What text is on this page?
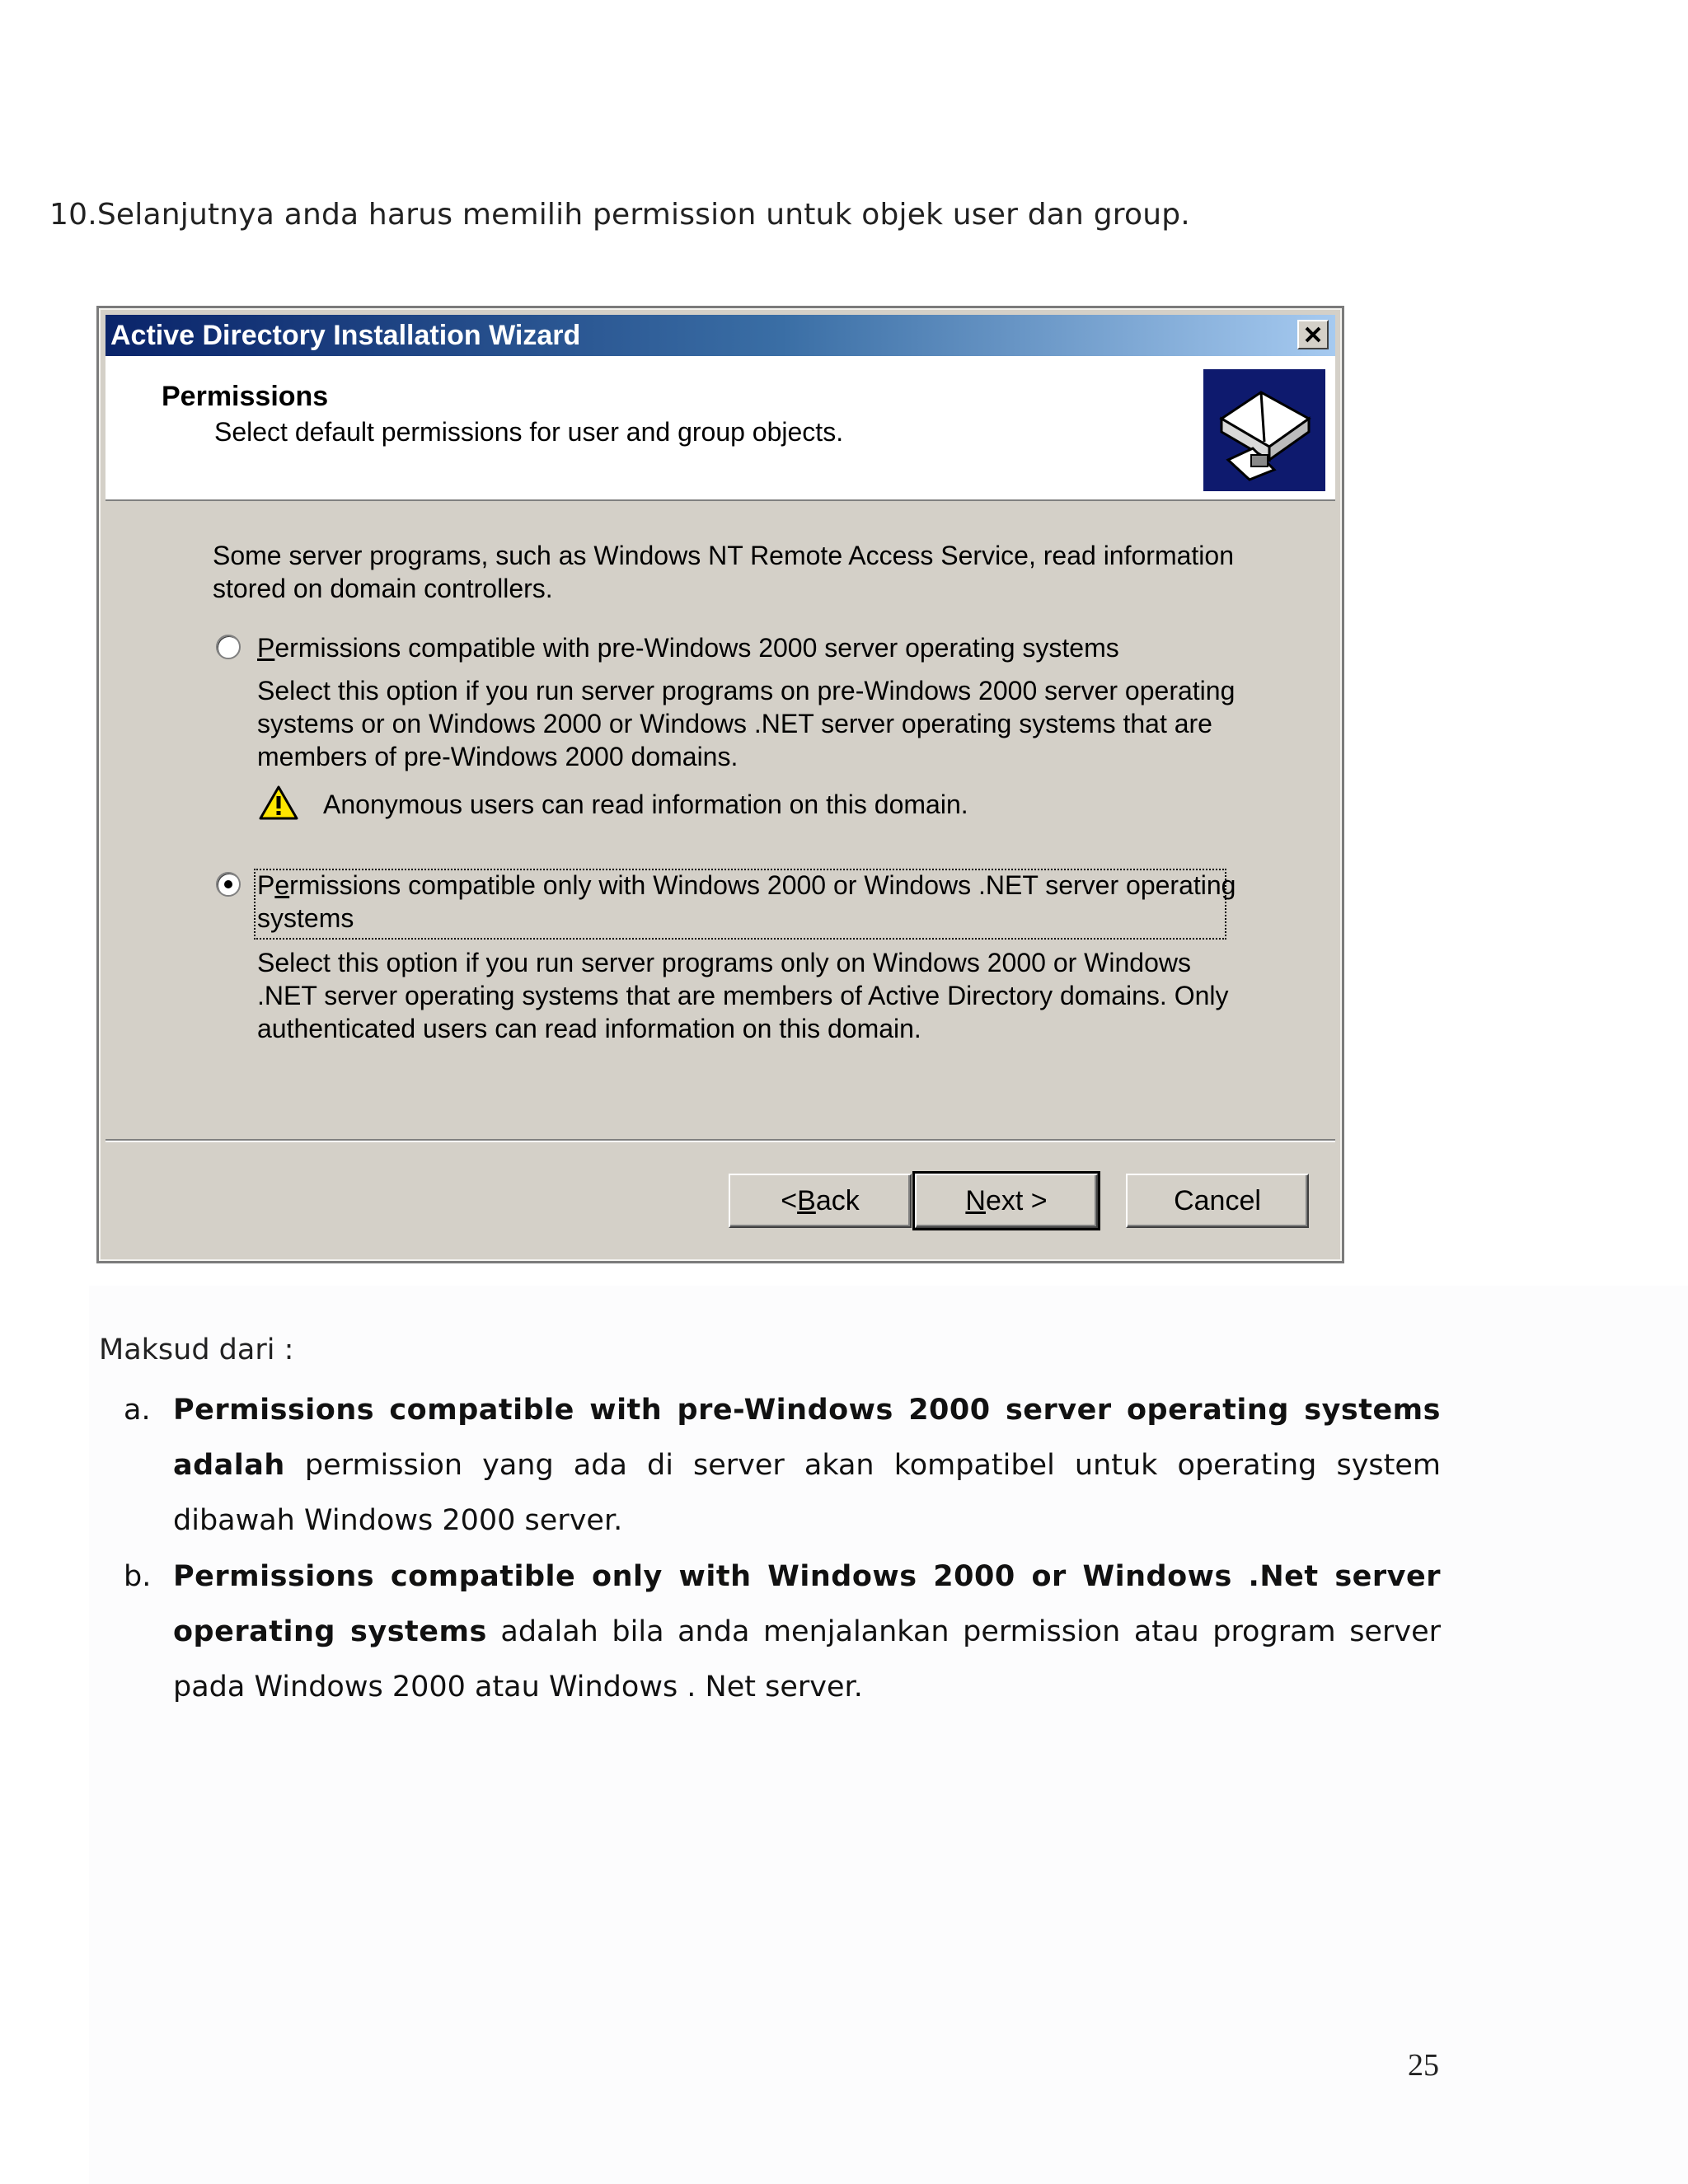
10.Selanjutnya anda harus memilih permission untuk objek user dan group.
Active Directory Installation Wizard
Permissions
Select default permissions for user and group objects.
Some server programs, such as Windows NT Remote Access Service, read information
stored on domain controllers.
Permissions compatible with pre-Windows 2000 server operating systems
Select this option if you run server programs on pre-Windows 2000 server operating
systems or on Windows 2000 or Windows .NET server operating systems that are
members of pre-Windows 2000 domains.
Anonymous users can read information on this domain.
Permissions compatible only with Windows 2000 or Windows .NET server operating
systems
Select this option if you run server programs only on Windows 2000 or Windows
.NET server operating systems that are members of Active Directory domains. Only
authenticated users can read information on this domain.
< B ack	N ext >	Cancel
Maksud dari :
a. Permissions compatible with pre-Windows 2000 server operating systems adalah permission yang ada di server akan kompatibel untuk operating system dibawah Windows 2000 server.
b. Permissions compatible only with Windows 2000 or Windows .Net server operating systems adalah bila anda menjalankan permission atau program server pada Windows 2000 atau Windows . Net server.
25
